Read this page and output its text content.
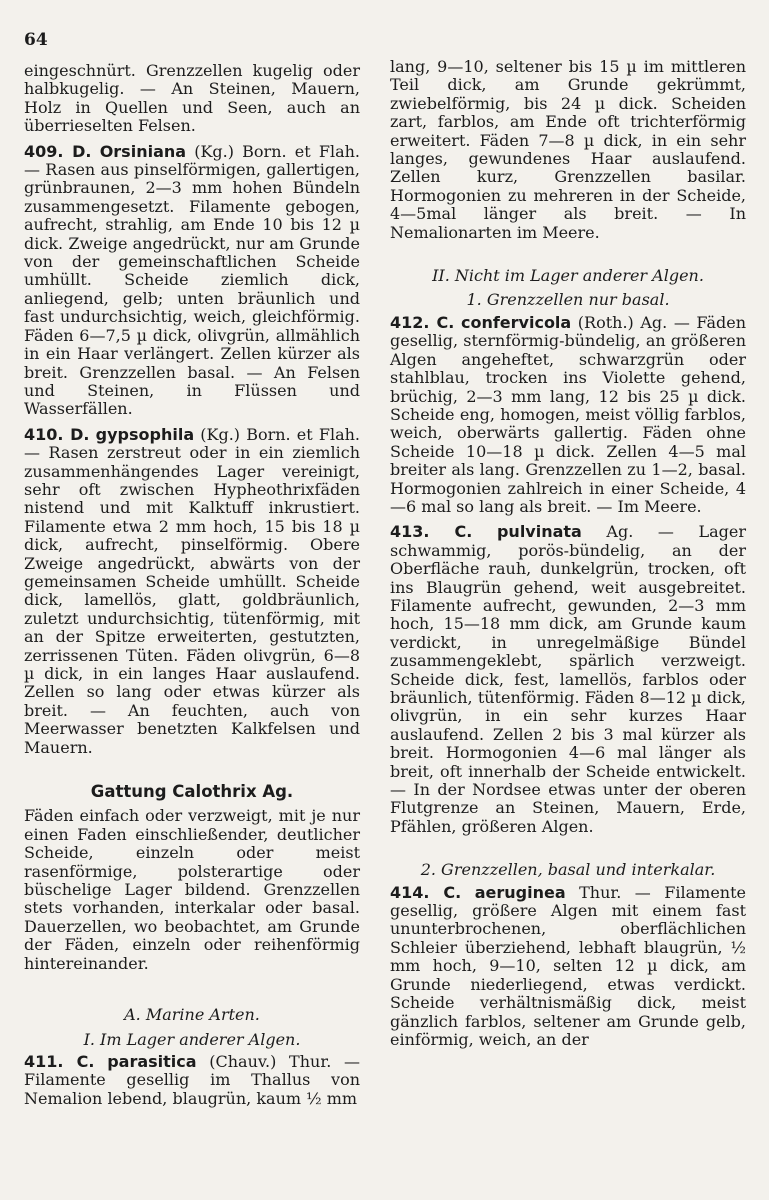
64

eingeschnürt. Grenzzellen kugelig oder halbkugelig. — An Steinen, Mauern, Holz in Quellen und Seen, auch an überrieselten Felsen.

409. D. Orsiniana (Kg.) Born. et Flah. — Rasen aus pinselförmigen, gallertigen, grünbraunen, 2—3 mm hohen Bündeln zusammengesetzt. Filamente gebogen, aufrecht, strahlig, am Ende 10 bis 12 µ dick. Zweige angedrückt, nur am Grunde von der gemeinschaftlichen Scheide umhüllt. Scheide ziemlich dick, anliegend, gelb; unten bräunlich und fast undurchsichtig, weich, gleichförmig. Fäden 6—7,5 µ dick, olivgrün, allmählich in ein Haar verlängert. Zellen kürzer als breit. Grenzzellen basal. — An Felsen und Steinen, in Flüssen und Wasserfällen.

410. D. gypsophila (Kg.) Born. et Flah. — Rasen zerstreut oder in ein ziemlich zusammenhängendes Lager vereinigt, sehr oft zwischen Hypheothrixfäden nistend und mit Kalktuff inkrustiert. Filamente etwa 2 mm hoch, 15 bis 18 µ dick, aufrecht, pinselförmig. Obere Zweige angedrückt, abwärts von der gemeinsamen Scheide umhüllt. Scheide dick, lamellös, glatt, goldbräunlich, zuletzt undurchsichtig, tütenförmig, mit an der Spitze erweiterten, gestutzten, zerrissenen Tüten. Fäden olivgrün, 6—8 µ dick, in ein langes Haar auslaufend. Zellen so lang oder etwas kürzer als breit. — An feuchten, auch von Meerwasser benetzten Kalkfelsen und Mauern.

Gattung Calothrix Ag.

Fäden einfach oder verzweigt, mit je nur einen Faden einschließender, deutlicher Scheide, einzeln oder meist rasenförmige, polsterartige oder büschelige Lager bildend. Grenzzellen stets vorhanden, interkalar oder basal. Dauerzellen, wo beobachtet, am Grunde der Fäden, einzeln oder reihenförmig hintereinander.

A. Marine Arten.
I. Im Lager anderer Algen.

411. C. parasitica (Chauv.) Thur. — Filamente gesellig im Thallus von Nemalion lebend, blaugrün, kaum ½ mm

lang, 9—10, seltener bis 15 µ im mittleren Teil dick, am Grunde gekrümmt, zwiebelförmig, bis 24 µ dick. Scheiden zart, farblos, am Ende oft trichterförmig erweitert. Fäden 7—8 µ dick, in ein sehr langes, gewundenes Haar auslaufend. Zellen kurz, Grenzzellen basilar. Hormogonien zu mehreren in der Scheide, 4—5mal länger als breit. — In Nemalionarten im Meere.

II. Nicht im Lager anderer Algen.
1. Grenzzellen nur basal.

412. C. confervicola (Roth.) Ag. — Fäden gesellig, sternförmig-bündelig, an größeren Algen angeheftet, schwarzgrün oder stahlblau, trocken ins Violette gehend, brüchig, 2—3 mm lang, 12 bis 25 µ dick. Scheide eng, homogen, meist völlig farblos, weich, oberwärts gallertig. Fäden ohne Scheide 10—18 µ dick. Zellen 4—5 mal breiter als lang. Grenzzellen zu 1—2, basal. Hormogonien zahlreich in einer Scheide, 4—6 mal so lang als breit. — Im Meere.

413. C. pulvinata Ag. — Lager schwammig, porös-bündelig, an der Oberfläche rauh, dunkelgrün, trocken, oft ins Blaugrün gehend, weit ausgebreitet. Filamente aufrecht, gewunden, 2—3 mm hoch, 15—18 mm dick, am Grunde kaum verdickt, in unregelmäßige Bündel zusammengeklebt, spärlich verzweigt. Scheide dick, fest, lamellös, farblos oder bräunlich, tütenförmig. Fäden 8—12 µ dick, olivgrün, in ein sehr kurzes Haar auslaufend. Zellen 2 bis 3 mal kürzer als breit. Hormogonien 4—6 mal länger als breit, oft innerhalb der Scheide entwickelt. — In der Nordsee etwas unter der oberen Flutgrenze an Steinen, Mauern, Erde, Pfählen, größeren Algen.

2. Grenzzellen, basal und interkalar.

414. C. aeruginea Thur. — Filamente gesellig, größere Algen mit einem fast ununterbrochenen, oberflächlichen Schleier überziehend, lebhaft blaugrün, ½ mm hoch, 9—10, selten 12 µ dick, am Grunde niederliegend, etwas verdickt. Scheide verhältnismäßig dick, meist gänzlich farblos, seltener am Grunde gelb, einförmig, weich, an der
